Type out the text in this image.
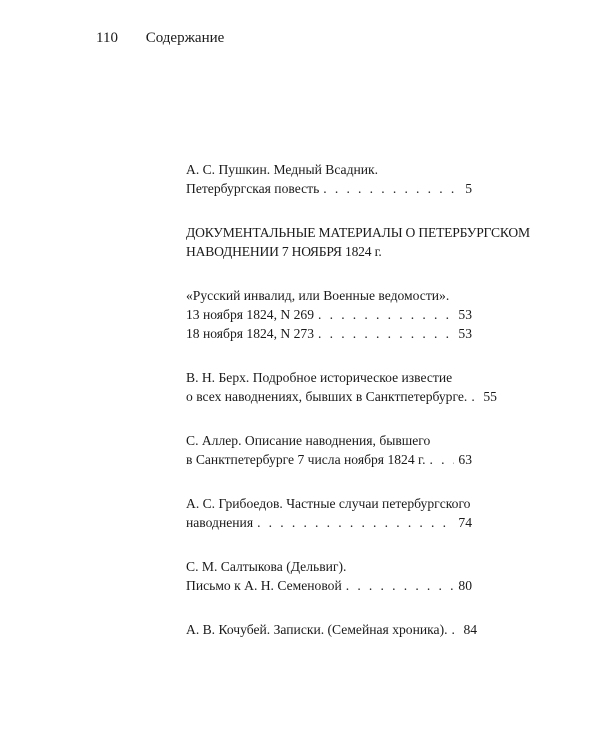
110 Содержание
А. С. Пушкин. Медный Всадник.
Петербургская повесть . . .	5
ДОКУМЕНТАЛЬНЫЕ МАТЕРИАЛЫ О ПЕТЕРБУРГСКОМ
НАВОДНЕНИИ 7 НОЯБРЯ 1824 г.
«Русский инвалид, или Военные ведомости».
13 ноября 1824, N 269 . . .	53
18 ноября 1824, N 273 . . .	53
В. Н. Берх. Подробное историческое известие
о всех наводнениях, бывших в Санктпетербурге. . . . 55
С. Аллер. Описание наводнения, бывшего
в Санктпетербурге 7 числа ноября 1824 г. . . . 63
А. С. Грибоедов. Частные случаи петербургского
наводнения . . .	74
С. М. Салтыкова (Дельвиг).
Письмо к А. Н. Семеновой . . .	80
А. В. Кочубей. Записки. (Семейная хроника). . . . 84
